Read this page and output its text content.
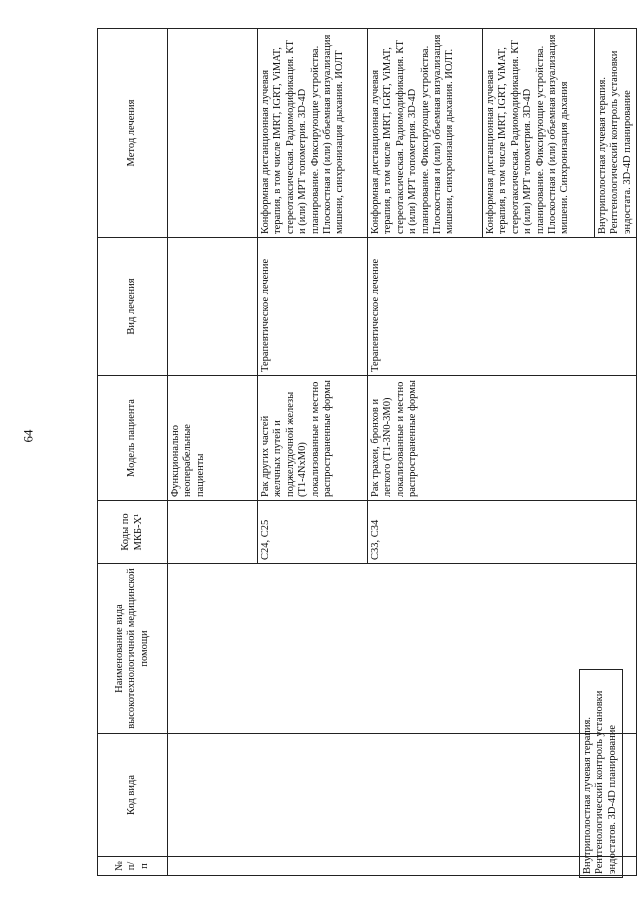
64
№ п/п	Код вида	Наименование вида высокотехнологичной медицинской помощи	Коды по МКБ-X¹	Модель пациента	Вид лечения	Метод лечения
				Функционально неоперабельные пациенты		
			C24, C25	Рак других частей желчных путей и поджелудочной железы (T1-4NxM0) локализованные и местно распространенные формы	Терапевтическое лечение	Конформная дистанционная лучевая терапия, в том числе IMRT, IGRT, ViMAT, стереотаксическая. Радиомодификация. КТ и (или) МРТ топометрия. 3D-4D планирование. Фиксирующие устройства. Плоскостная и (или) объемная визуализация мишени, синхронизация дыхания. ИОЛТ
			C33, C34	Рак трахеи, бронхов и легкого (T1-3N0-3M0) локализованные и местно распространенные формы	Терапевтическое лечение	Конформная дистанционная лучевая терапия, в том числе IMRT, IGRT, ViMAT, стереотаксическая. Радиомодификация. КТ и (или) МРТ топометрия. 3D-4D планирование. Фиксирующие устройства. Плоскостная и (или) объемная визуализация мишени, синхронизация дыхания. ИОЛТ.
						Конформная дистанционная лучевая терапия, в том числе IMRT, IGRT, ViMAT, стереотаксическая. Радиомодификация. КТ и (или) МРТ топометрия. 3D-4D планирование. Фиксирующие устройства. Плоскостная и (или) объемная визуализация мишени. Синхронизация дыхания
						Внутриполостная лучевая терапия. Рентгенологический контроль установки эндостата. 3D-4D планирование
Внутриполостная лучевая терапия. Рентгенологический контроль установки эндостатов. 3D-4D планирование
